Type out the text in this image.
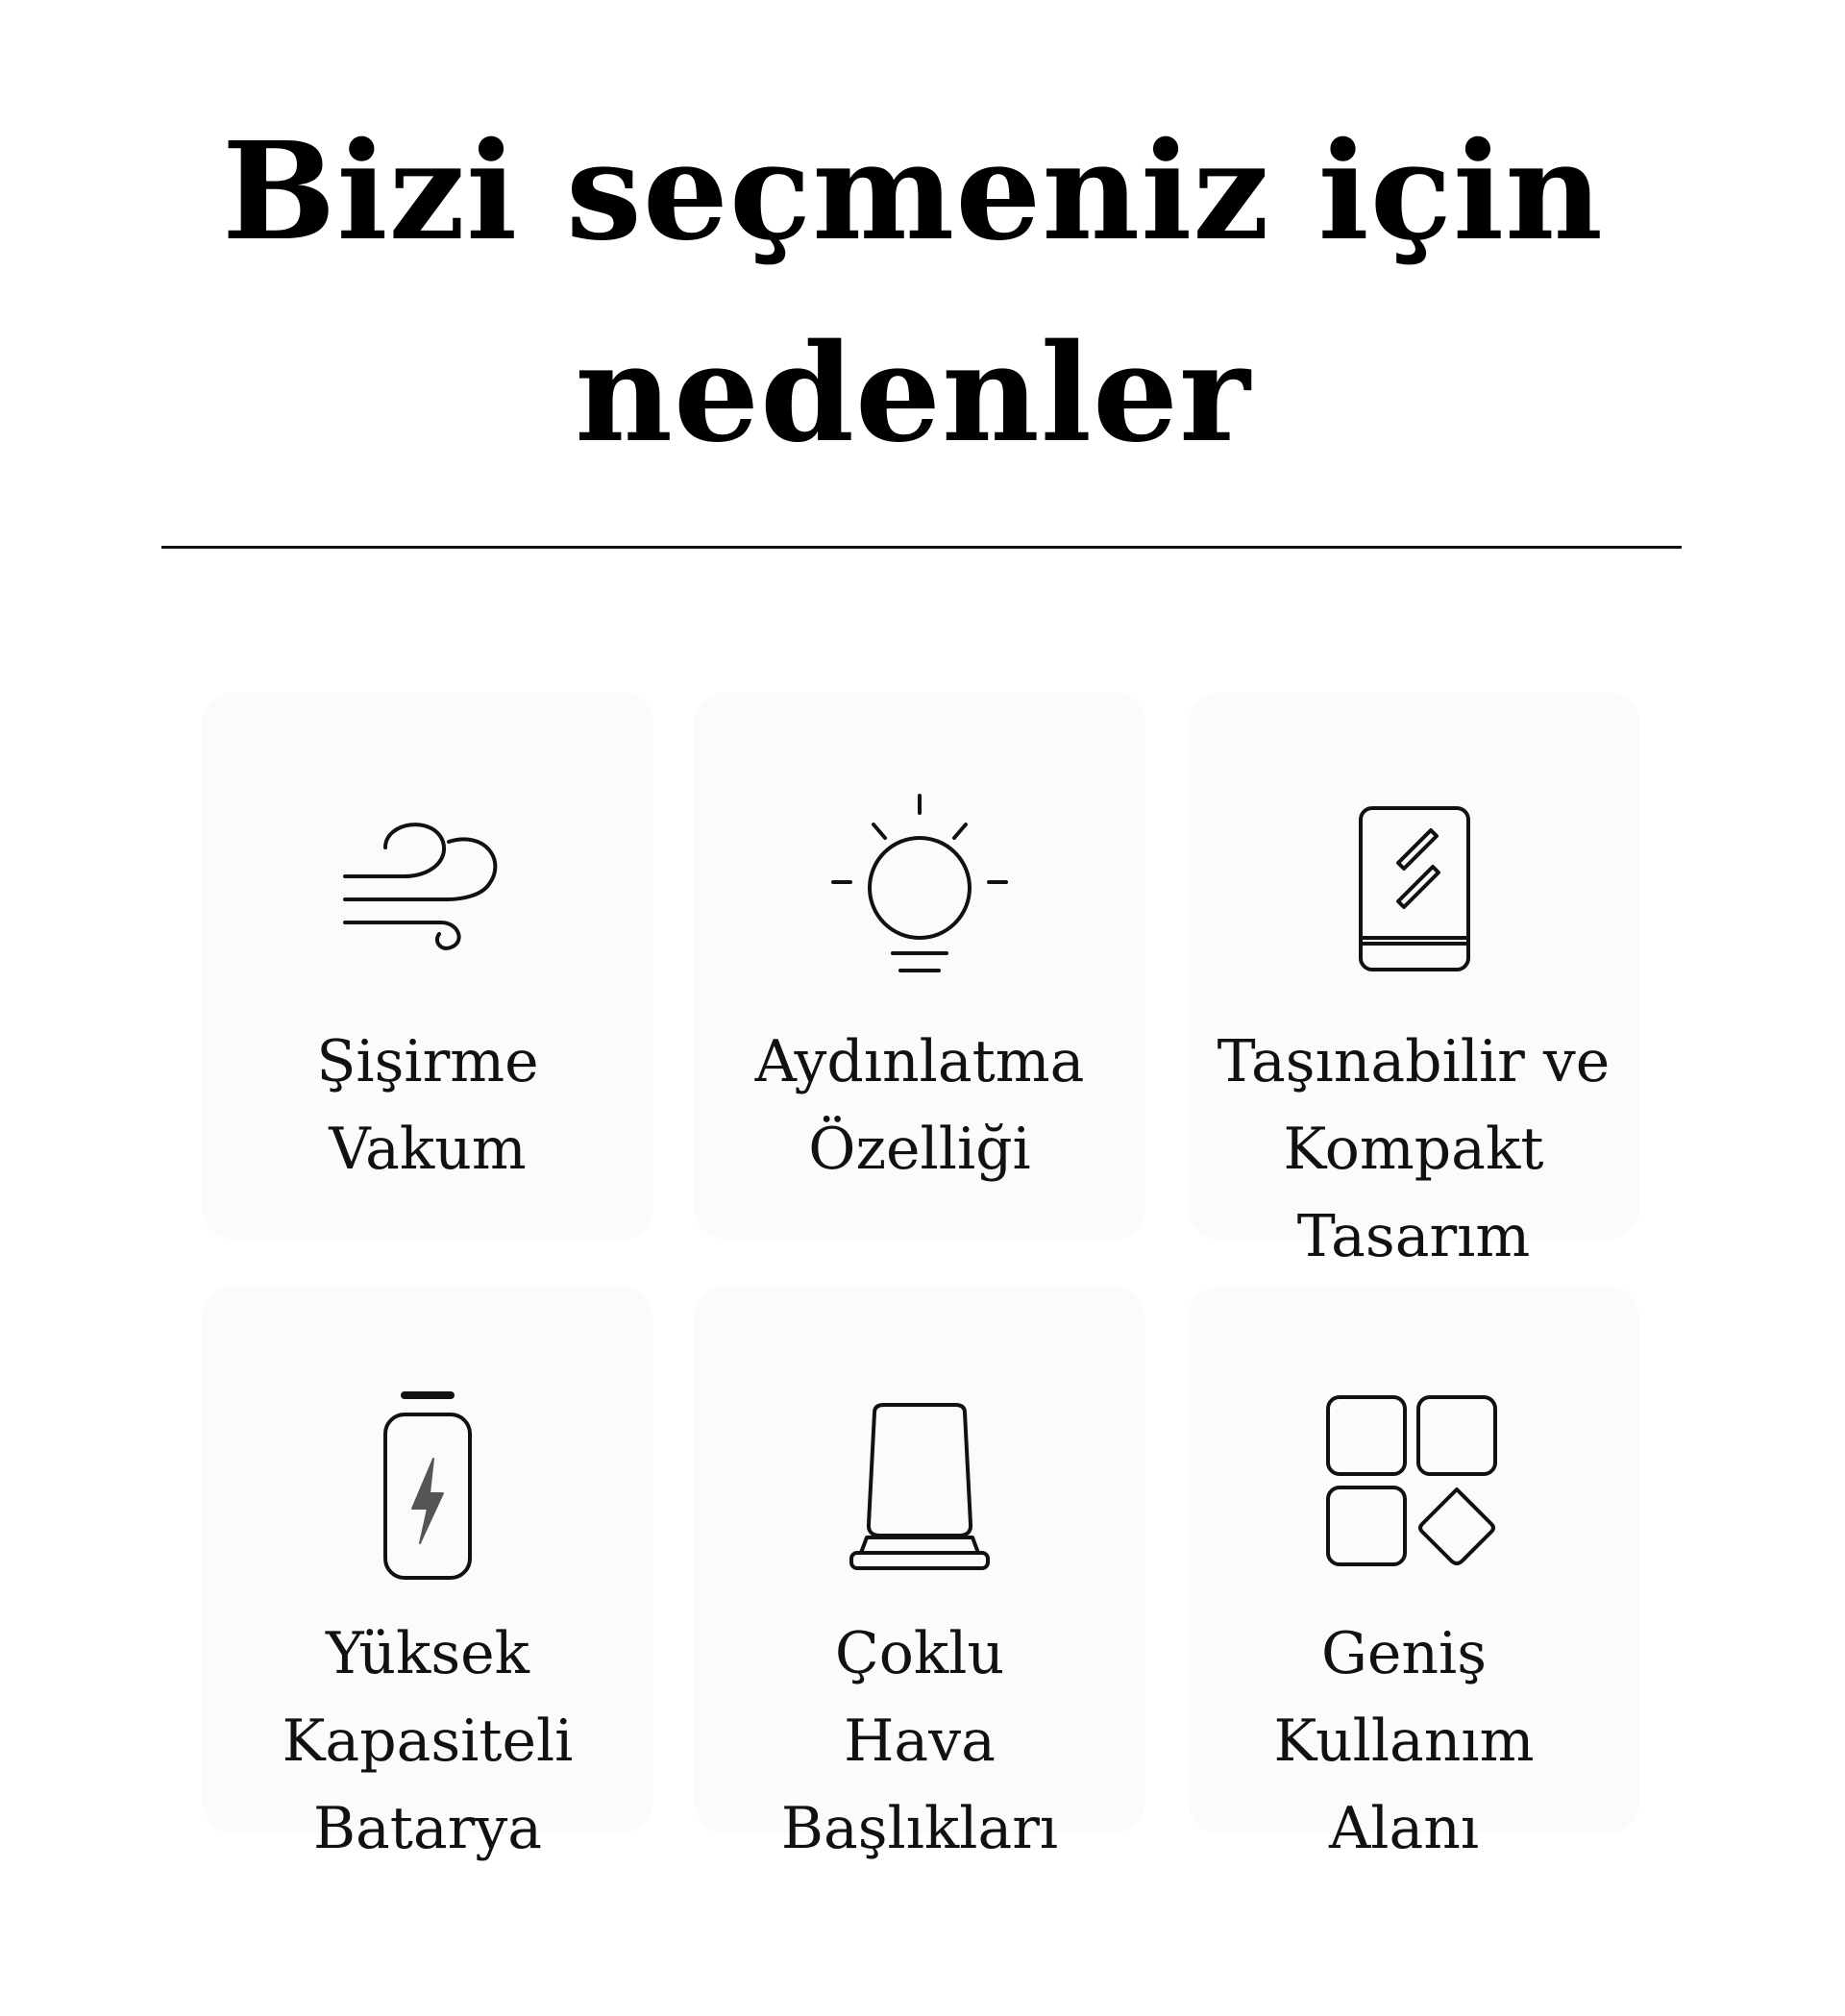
Bizi seçmeniz için
nedenler
Şişirme
Vakum
Aydınlatma
Özelliği
Taşınabilir ve
Kompakt
Tasarım
Yüksek
Kapasiteli
Batarya
Çoklu
Hava
Başlıkları
Geniş
Kullanım
Alanı
